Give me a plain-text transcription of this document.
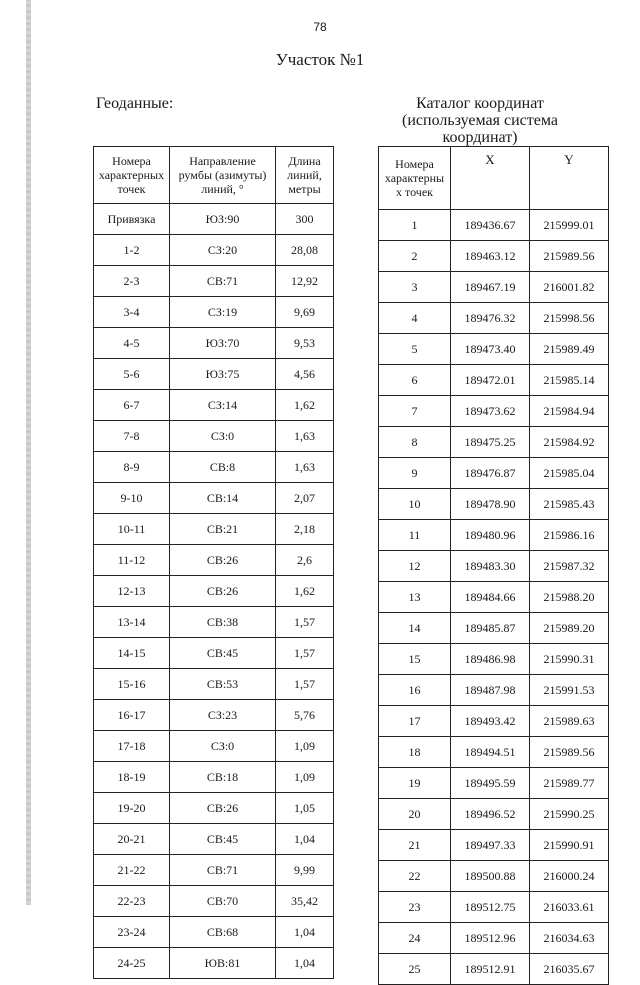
78
Участок №1
Геоданные:	Каталог координат (используемая система координат)
Номера характерных точек	Направление румбы (азимуты) линий, °	Длина линий, метры
Привязка	ЮЗ:90	300
1-2	СЗ:20	28,08
2-3	СВ:71	12,92
3-4	СЗ:19	9,69
4-5	ЮЗ:70	9,53
5-6	ЮЗ:75	4,56
6-7	СЗ:14	1,62
7-8	СЗ:0	1,63
8-9	СВ:8	1,63
9-10	СВ:14	2,07
10-11	СВ:21	2,18
11-12	СВ:26	2,6
12-13	СВ:26	1,62
13-14	СВ:38	1,57
14-15	СВ:45	1,57
15-16	СВ:53	1,57
16-17	СЗ:23	5,76
17-18	СЗ:0	1,09
18-19	СВ:18	1,09
19-20	СВ:26	1,05
20-21	СВ:45	1,04
21-22	СВ:71	9,99
22-23	СВ:70	35,42
23-24	СВ:68	1,04
24-25	ЮВ:81	1,04
Номера характерны х точек	X	Y
1	189436.67	215999.01
2	189463.12	215989.56
3	189467.19	216001.82
4	189476.32	215998.56
5	189473.40	215989.49
6	189472.01	215985.14
7	189473.62	215984.94
8	189475.25	215984.92
9	189476.87	215985.04
10	189478.90	215985.43
11	189480.96	215986.16
12	189483.30	215987.32
13	189484.66	215988.20
14	189485.87	215989.20
15	189486.98	215990.31
16	189487.98	215991.53
17	189493.42	215989.63
18	189494.51	215989.56
19	189495.59	215989.77
20	189496.52	215990.25
21	189497.33	215990.91
22	189500.88	216000.24
23	189512.75	216033.61
24	189512.96	216034.63
25	189512.91	216035.67
